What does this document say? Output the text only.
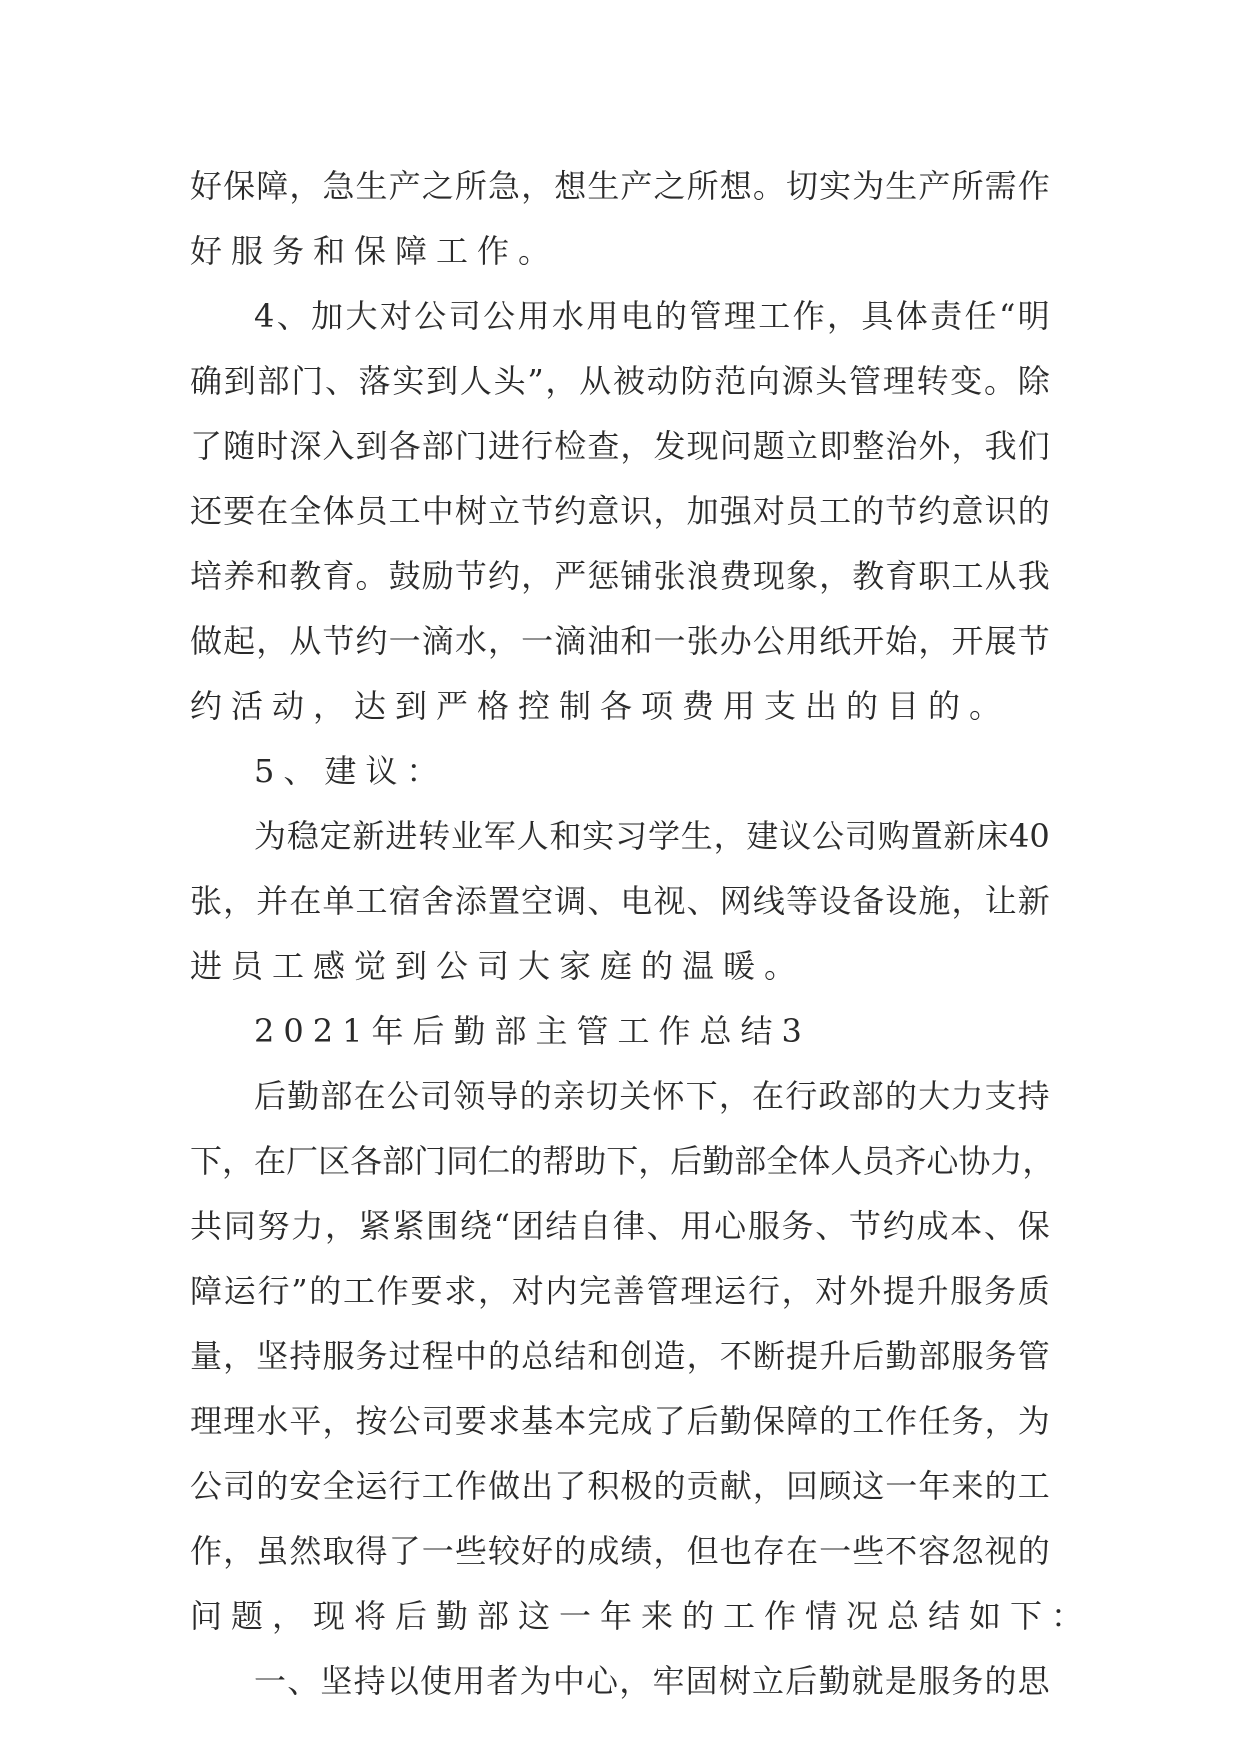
好 保 障 ， 急 生 产 之 所 急 ， 想 生 产 之 所 想 。 切 实 为 生 产 所 需 作
好服务和保障工作。
4 、 加 大 对 公 司 公 用 水 用 电 的 管 理 工 作 ， 具 体 责 任 “ 明
确 到 部 门 、 落 实 到 人 头 ” ， 从 被 动 防 范 向 源 头 管 理 转 变 。 除
了 随 时 深 入 到 各 部 门 进 行 检 查 ， 发 现 问 题 立 即 整 治 外 ， 我 们
还 要 在 全 体 员 工 中 树 立 节 约 意 识 ， 加 强 对 员 工 的 节 约 意 识 的
培 养 和 教 育 。 鼓 励 节 约 ， 严 惩 铺 张 浪 费 现 象 ， 教 育 职 工 从 我
做 起 ， 从 节 约 一 滴 水 ， 一 滴 油 和 一 张 办 公 用 纸 开 始 ， 开 展 节
约活动，达到严格控制各项费用支出的目的。
5、建议：
为 稳 定 新 进 转 业 军 人 和 实 习 学 生 ， 建 议 公 司 购 置 新 床 40
张 ， 并 在 单 工 宿 舍 添 置 空 调 、 电 视 、 网 线 等 设 备 设 施 ， 让 新
进员工感觉到公司大家庭的温暖。
2021年后勤部主管工作总结3
后 勤 部 在 公 司 领 导 的 亲 切 关 怀 下 ， 在 行 政 部 的 大 力 支 持
下 ， 在 厂 区 各 部 门 同 仁 的 帮 助 下 ， 后 勤 部 全 体 人 员 齐 心 协 力 ，
共 同 努 力 ， 紧 紧 围 绕 “ 团 结 自 律 、 用 心 服 务 、 节 约 成 本 、 保
障 运 行 ” 的 工 作 要 求 ， 对 内 完 善 管 理 运 行 ， 对 外 提 升 服 务 质
量 ， 坚 持 服 务 过 程 中 的 总 结 和 创 造 ， 不 断 提 升 后 勤 部 服 务 管
理 理 水 平 ， 按 公 司 要 求 基 本 完 成 了 后 勤 保 障 的 工 作 任 务 ， 为
公 司 的 安 全 运 行 工 作 做 出 了 积 极 的 贡 献 ， 回 顾 这 一 年 来 的 工
作 ， 虽 然 取 得 了 一 些 较 好 的 成 绩 ， 但 也 存 在 一 些 不 容 忽 视 的
问题，现将后勤部这一年来的工作情况总结如下：
一 、 坚 持 以 使 用 者 为 中 心 ， 牢 固 树 立 后 勤 就 是 服 务 的 思
